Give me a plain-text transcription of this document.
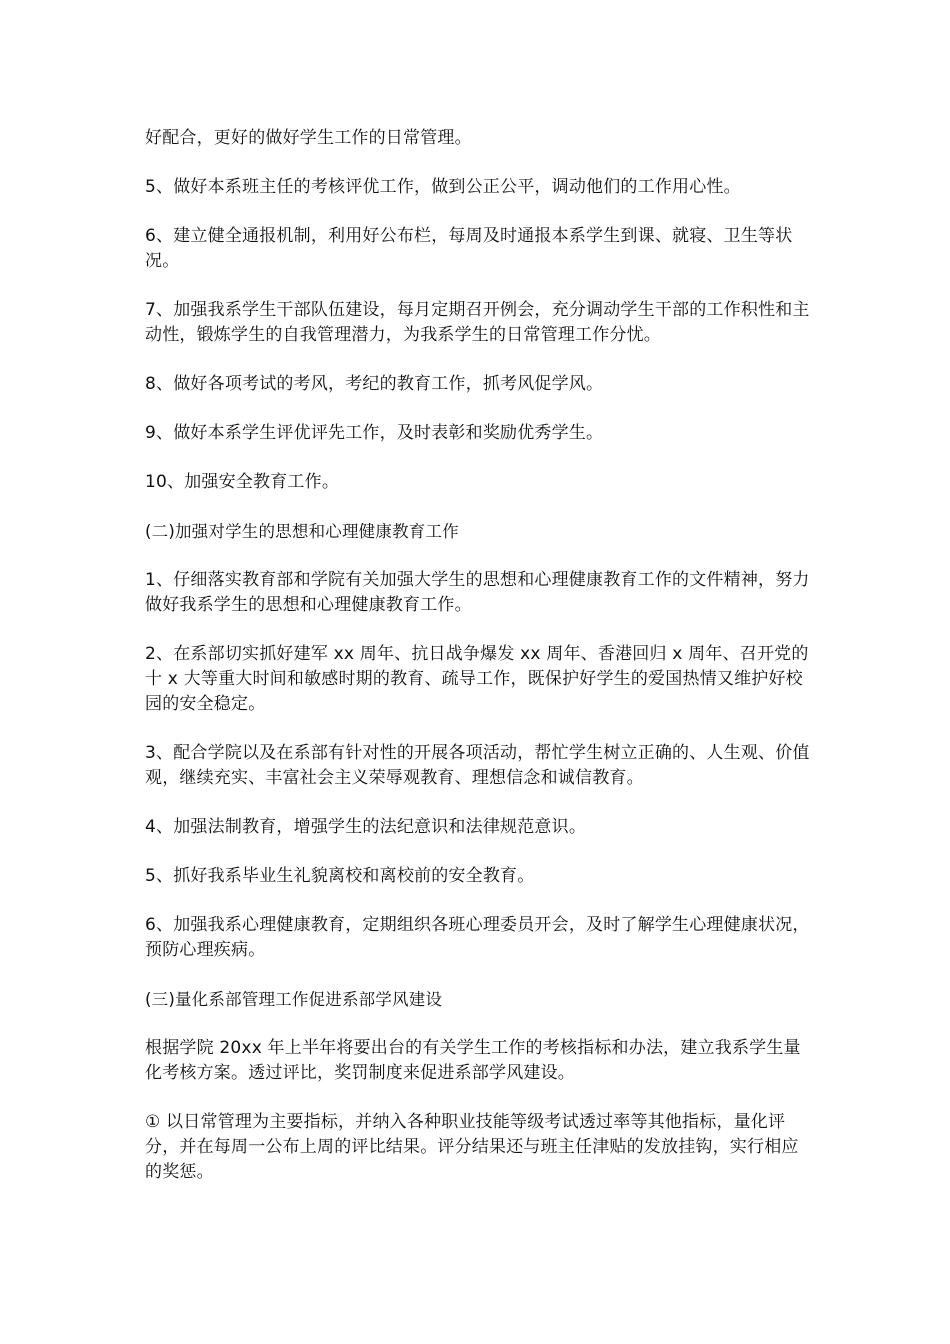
好配合，更好的做好学生工作的日常管理。

5、做好本系班主任的考核评优工作，做到公正公平，调动他们的工作用心性。

6、建立健全通报机制，利用好公布栏，每周及时通报本系学生到课、就寝、卫生等状况。

7、加强我系学生干部队伍建设，每月定期召开例会，充分调动学生干部的工作积性和主动性，锻炼学生的自我管理潜力，为我系学生的日常管理工作分忧。

8、做好各项考试的考风，考纪的教育工作，抓考风促学风。

9、做好本系学生评优评先工作，及时表彰和奖励优秀学生。

10、加强安全教育工作。

(二)加强对学生的思想和心理健康教育工作

1、仔细落实教育部和学院有关加强大学生的思想和心理健康教育工作的文件精神，努力做好我系学生的思想和心理健康教育工作。

2、在系部切实抓好建军 xx 周年、抗日战争爆发 xx 周年、香港回归 x 周年、召开党的十 x 大等重大时间和敏感时期的教育、疏导工作，既保护好学生的爱国热情又维护好校园的安全稳定。

3、配合学院以及在系部有针对性的开展各项活动，帮忙学生树立正确的、人生观、价值观，继续充实、丰富社会主义荣辱观教育、理想信念和诚信教育。

4、加强法制教育，增强学生的法纪意识和法律规范意识。

5、抓好我系毕业生礼貌离校和离校前的安全教育。

6、加强我系心理健康教育，定期组织各班心理委员开会，及时了解学生心理健康状况，预防心理疾病。

(三)量化系部管理工作促进系部学风建设

根据学院 20xx 年上半年将要出台的有关学生工作的考核指标和办法，建立我系学生量化考核方案。透过评比，奖罚制度来促进系部学风建设。

① 以日常管理为主要指标，并纳入各种职业技能等级考试透过率等其他指标，量化评分，并在每周一公布上周的评比结果。评分结果还与班主任津贴的发放挂钩，实行相应的奖惩。
